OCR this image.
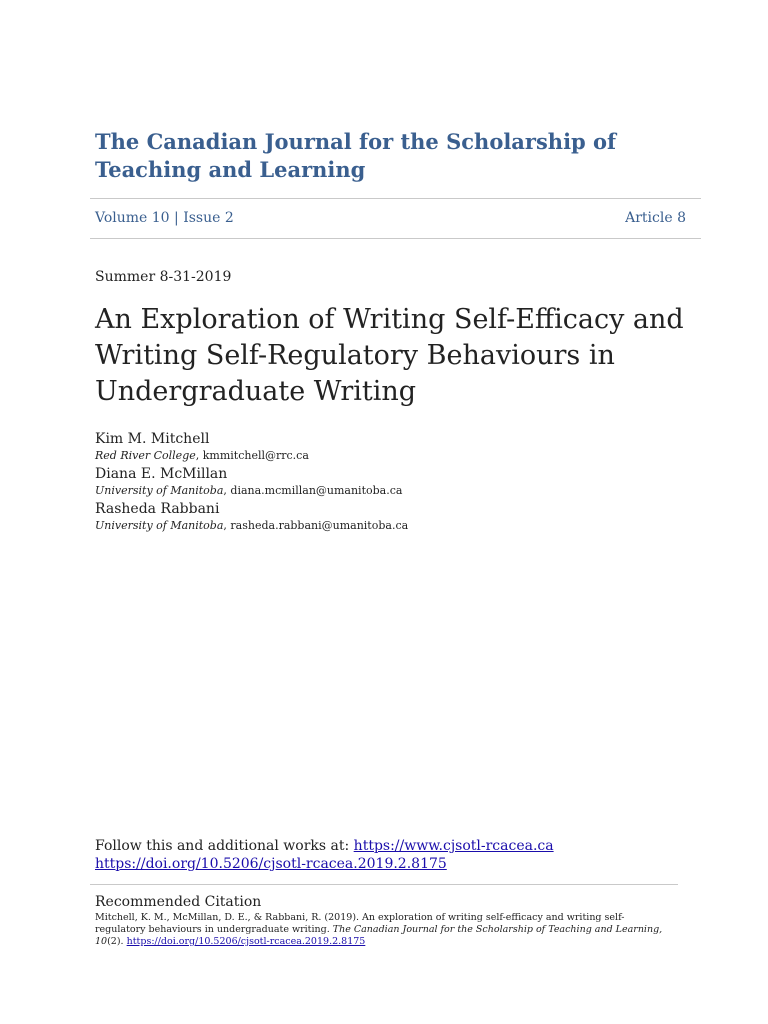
The Canadian Journal for the Scholarship of Teaching and Learning
Volume 10 | Issue 2	Article 8
Summer 8-31-2019
An Exploration of Writing Self-Efficacy and Writing Self-Regulatory Behaviours in Undergraduate Writing
Kim M. Mitchell
Red River College, kmmitchell@rrc.ca
Diana E. McMillan
University of Manitoba, diana.mcmillan@umanitoba.ca
Rasheda Rabbani
University of Manitoba, rasheda.rabbani@umanitoba.ca
Follow this and additional works at: https://www.cjsotl-rcacea.ca
https://doi.org/10.5206/cjsotl-rcacea.2019.2.8175
Recommended Citation
Mitchell, K. M., McMillan, D. E., & Rabbani, R. (2019). An exploration of writing self-efficacy and writing self-regulatory behaviours in undergraduate writing. The Canadian Journal for the Scholarship of Teaching and Learning, 10(2). https://doi.org/10.5206/cjsotl-rcacea.2019.2.8175
